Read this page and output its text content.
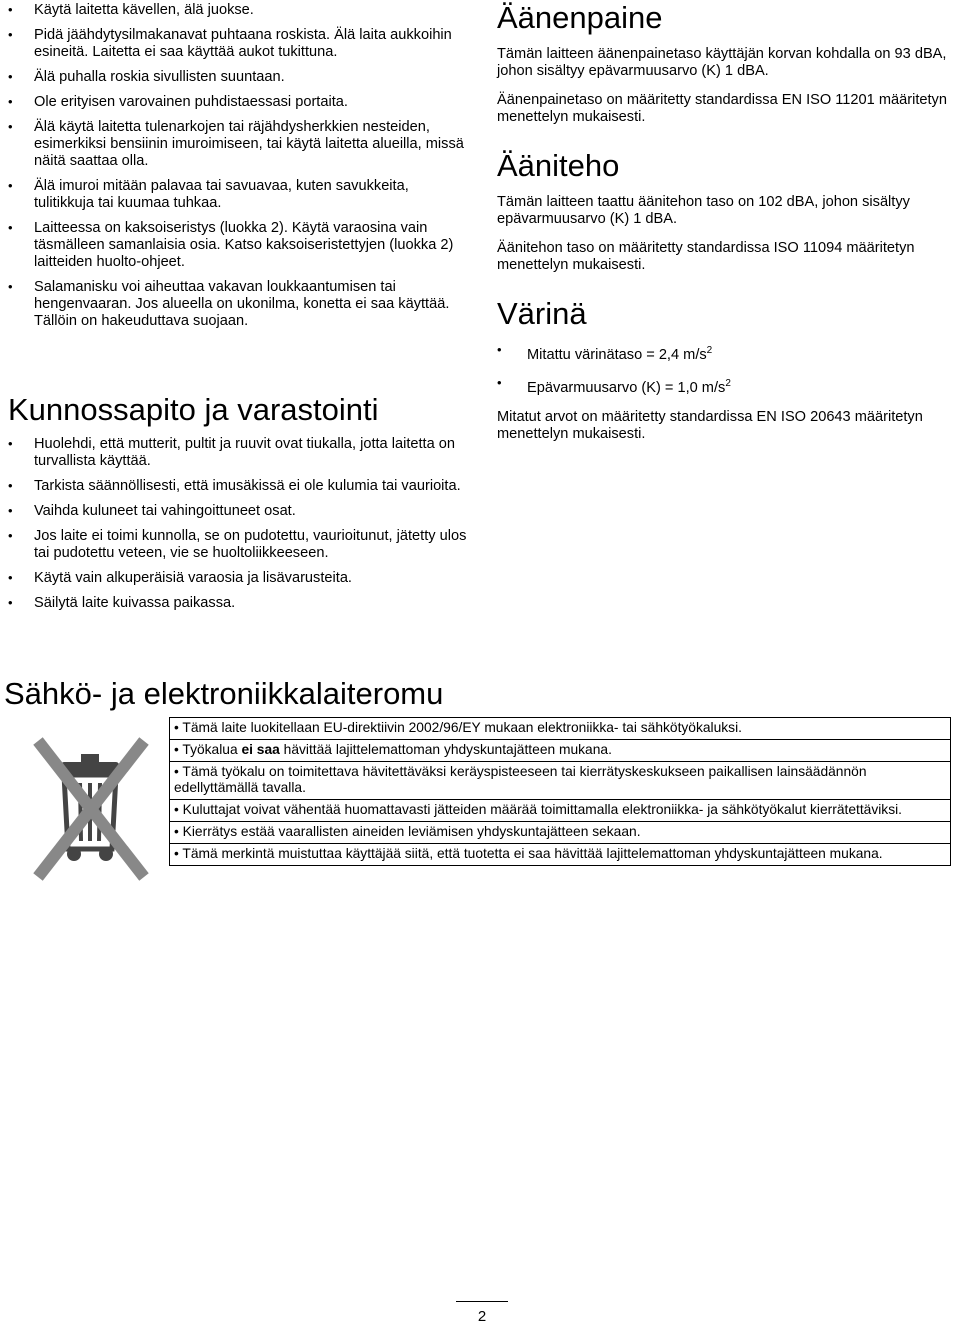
• Käytä laitetta kävellen, älä juokse.
• Pidä jäähdytysilmakanavat puhtaana roskista. Älä laita aukkoihin esineitä. Laitetta ei saa käyttää aukot tukittuna.
• Älä puhalla roskia sivullisten suuntaan.
• Ole erityisen varovainen puhdistaessasi portaita.
• Älä käytä laitetta tulenarkojen tai räjähdysherkkien nesteiden, esimerkiksi bensiinin imuroimiseen, tai käytä laitetta alueilla, missä näitä saattaa olla.
• Älä imuroi mitään palavaa tai savuavaa, kuten savukkeita, tulitikkuja tai kuumaa tuhkaa.
• Laitteessa on kaksoiseristys (luokka 2). Käytä varaosina vain täsmälleen samanlaisia osia. Katso kaksoiseristettyjen (luokka 2) laitteiden huolto-ohjeet.
• Salamanisku voi aiheuttaa vakavan loukkaantumisen tai hengenvaaran. Jos alueella on ukonilma, konetta ei saa käyttää. Tällöin on hakeuduttava suojaan.
Kunnossapito ja varastointi
• Huolehdi, että mutterit, pultit ja ruuvit ovat tiukalla, jotta laitetta on turvallista käyttää.
• Tarkista säännöllisesti, että imusäkissä ei ole kulumia tai vaurioita.
• Vaihda kuluneet tai vahingoittuneet osat.
• Jos laite ei toimi kunnolla, se on pudotettu, vaurioitunut, jätetty ulos tai pudotettu veteen, vie se huoltoliikkeeseen.
• Käytä vain alkuperäisiä varaosia ja lisävarusteita.
• Säilytä laite kuivassa paikassa.
Äänenpaine

Tämän laitteen äänenpainetaso käyttäjän korvan kohdalla on 93 dBA, johon sisältyy epävarmuusarvo (K) 1 dBA.

Äänenpainetaso on määritetty standardissa EN ISO 11201 määritetyn menettelyn mukaisesti.

Ääniteho

Tämän laitteen taattu äänitehon taso on 102 dBA, johon sisältyy epävarmuusarvo (K) 1 dBA.

Äänitehon taso on määritetty standardissa ISO 11094 määritetyn menettelyn mukaisesti.

Värinä
• Mitattu värinätaso = 2,4 $m/s^2$
• Epävarmuusarvo (K) = 1,0 $m/s^2$

Mitatut arvot on määritetty standardissa EN ISO 20643 määritetyn menettelyn mukaisesti.

Sähkö- ja elektroniikkalaiteromu
• Tämä laite luokitellaan EU-direktiivin 2002/96/EY mukaan elektroniikka- tai sähkötyökaluksi.
• Työkalua ei saa hävittää lajittelemattoman yhdyskuntajätteen mukana.
• Tämä työkalu on toimitettava hävitettäväksi keräyspisteeseen tai kierrätyskeskukseen paikallisen lainsäädännön edellyttämällä tavalla.
• Kuluttajat voivat vähentää huomattavasti jätteiden määrää toimittamalla elektroniikka- ja sähkötyökalut kierrätettäviksi.
• Kierrätys estää vaarallisten aineiden leviämisen yhdyskuntajätteen sekaan.
• Tämä merkintä muistuttaa käyttäjää siitä, että tuotetta ei saa hävittää lajittelemattoman yhdyskuntajätteen mukana.
2
